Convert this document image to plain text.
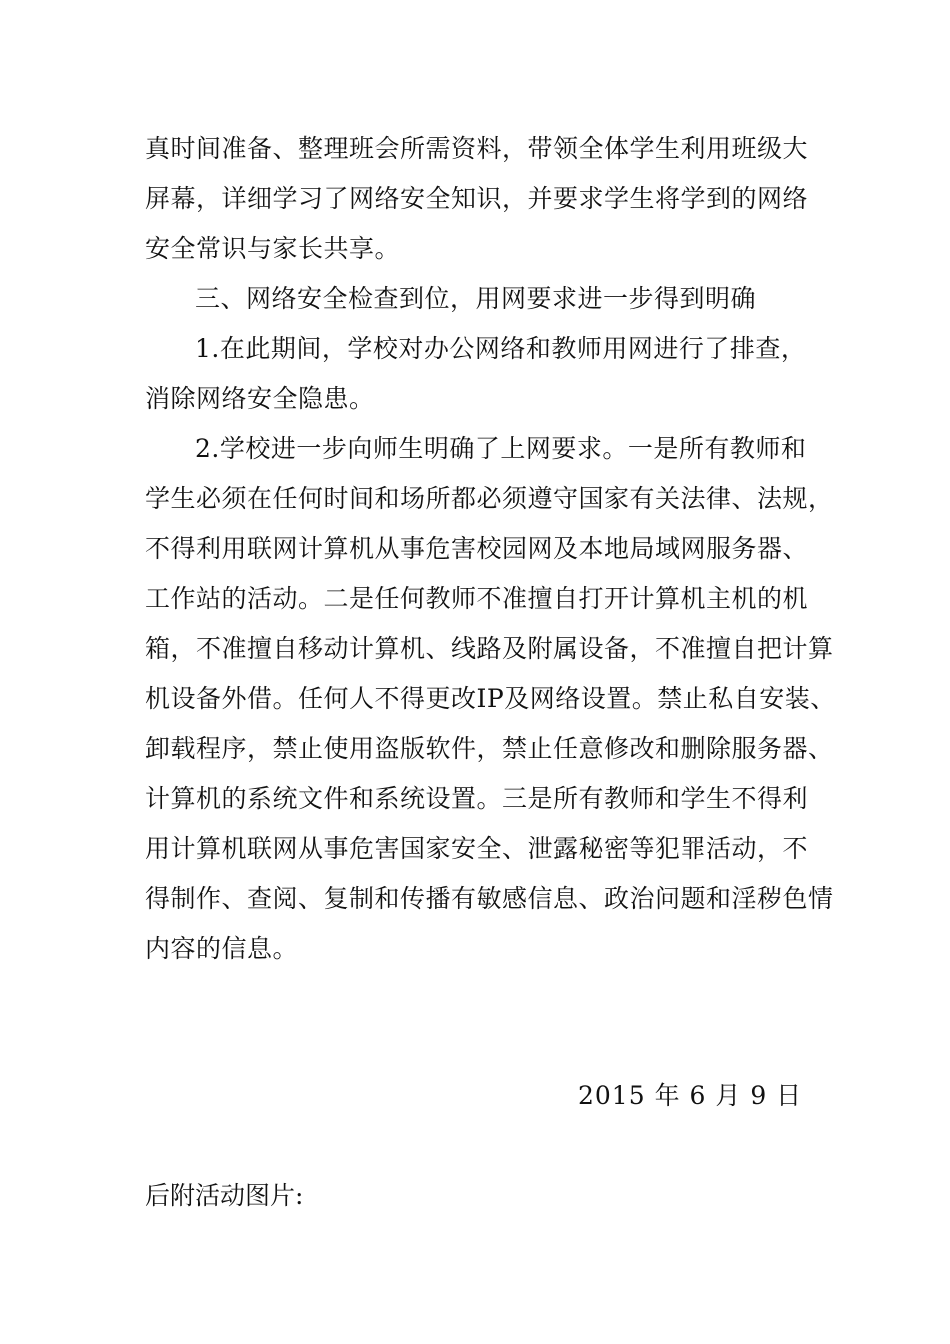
真时间准备、整理班会所需资料，带领全体学生利用班级大
屏幕，详细学习了网络安全知识，并要求学生将学到的网络
安全常识与家长共享。
三、网络安全检查到位，用网要求进一步得到明确
1.在此期间，学校对办公网络和教师用网进行了排查，
消除网络安全隐患。
2.学校进一步向师生明确了上网要求。一是所有教师和
学生必须在任何时间和场所都必须遵守国家有关法律、法规，
不得利用联网计算机从事危害校园网及本地局域网服务器、
工作站的活动。二是任何教师不准擅自打开计算机主机的机
箱，不准擅自移动计算机、线路及附属设备，不准擅自把计算
机设备外借。任何人不得更改IP及网络设置。禁止私自安装、
卸载程序，禁止使用盗版软件，禁止任意修改和删除服务器、
计算机的系统文件和系统设置。三是所有教师和学生不得利
用计算机联网从事危害国家安全、泄露秘密等犯罪活动，不
得制作、查阅、复制和传播有敏感信息、政治问题和淫秽色情
内容的信息。
2015 年 6 月 9 日
后附活动图片:
